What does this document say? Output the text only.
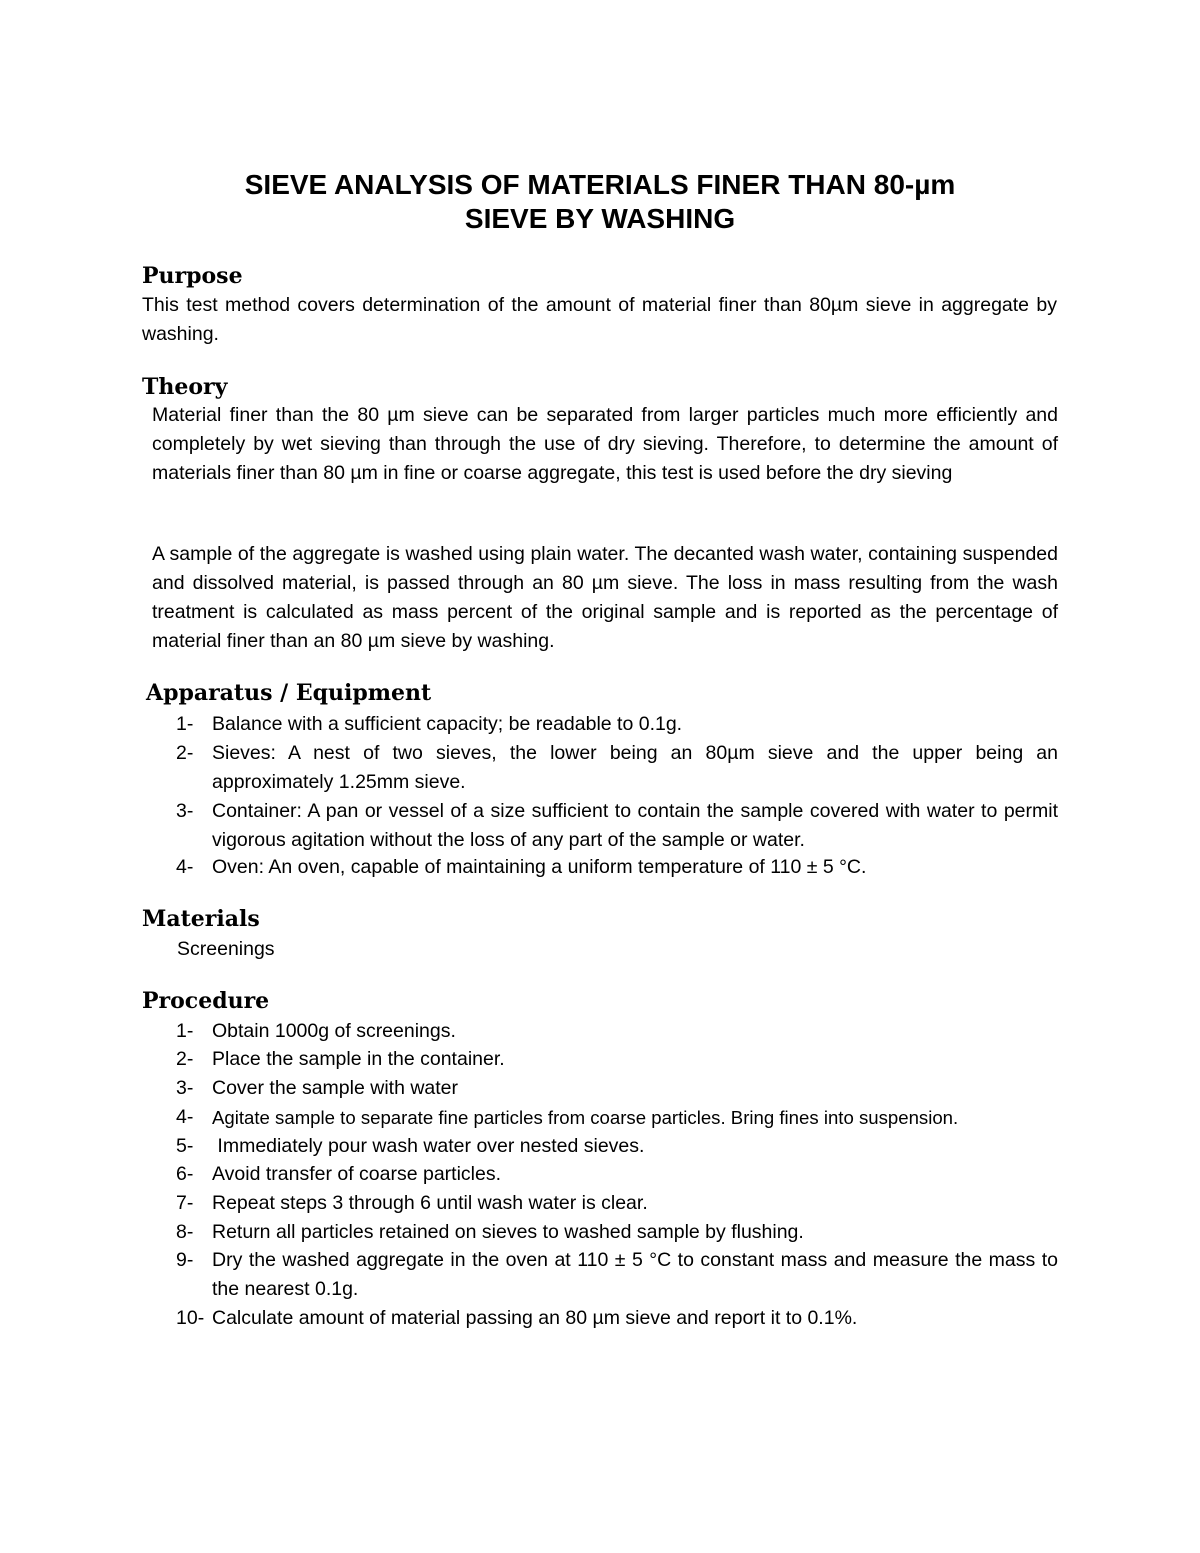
SIEVE ANALYSIS OF MATERIALS FINER THAN 80-µm
SIEVE BY WASHING
Purpose

This test method covers determination of the amount of material finer than 80µm sieve in aggregate by washing.

Theory

Material finer than the 80 µm sieve can be separated from larger particles much more efficiently and completely by wet sieving than through the use of dry sieving. Therefore, to determine the amount of materials finer than 80 µm in fine or coarse aggregate, this test is used before the dry sieving

A sample of the aggregate is washed using plain water. The decanted wash water, containing suspended and dissolved material, is passed through an 80 µm sieve. The loss in mass resulting from the wash treatment is calculated as mass percent of the original sample and is reported as the percentage of material finer than an 80 µm sieve by washing.

Apparatus / Equipment
1- Balance with a sufficient capacity; be readable to 0.1g.
2- Sieves: A nest of two sieves, the lower being an 80µm sieve and the upper being an approximately 1.25mm sieve.
3- Container: A pan or vessel of a size sufficient to contain the sample covered with water to permit vigorous agitation without the loss of any part of the sample or water.
4- Oven: An oven, capable of maintaining a uniform temperature of 110 ± 5 °C.
Materials
Screenings
Procedure
1- Obtain 1000g of screenings.
2- Place the sample in the container.
3- Cover the sample with water
4- Agitate sample to separate fine particles from coarse particles. Bring fines into suspension.
5- Immediately pour wash water over nested sieves.
6- Avoid transfer of coarse particles.
7- Repeat steps 3 through 6 until wash water is clear.
8- Return all particles retained on sieves to washed sample by flushing.
9- Dry the washed aggregate in the oven at 110 ± 5 °C to constant mass and measure the mass to the nearest 0.1g.
10- Calculate amount of material passing an 80 µm sieve and report it to 0.1%.
